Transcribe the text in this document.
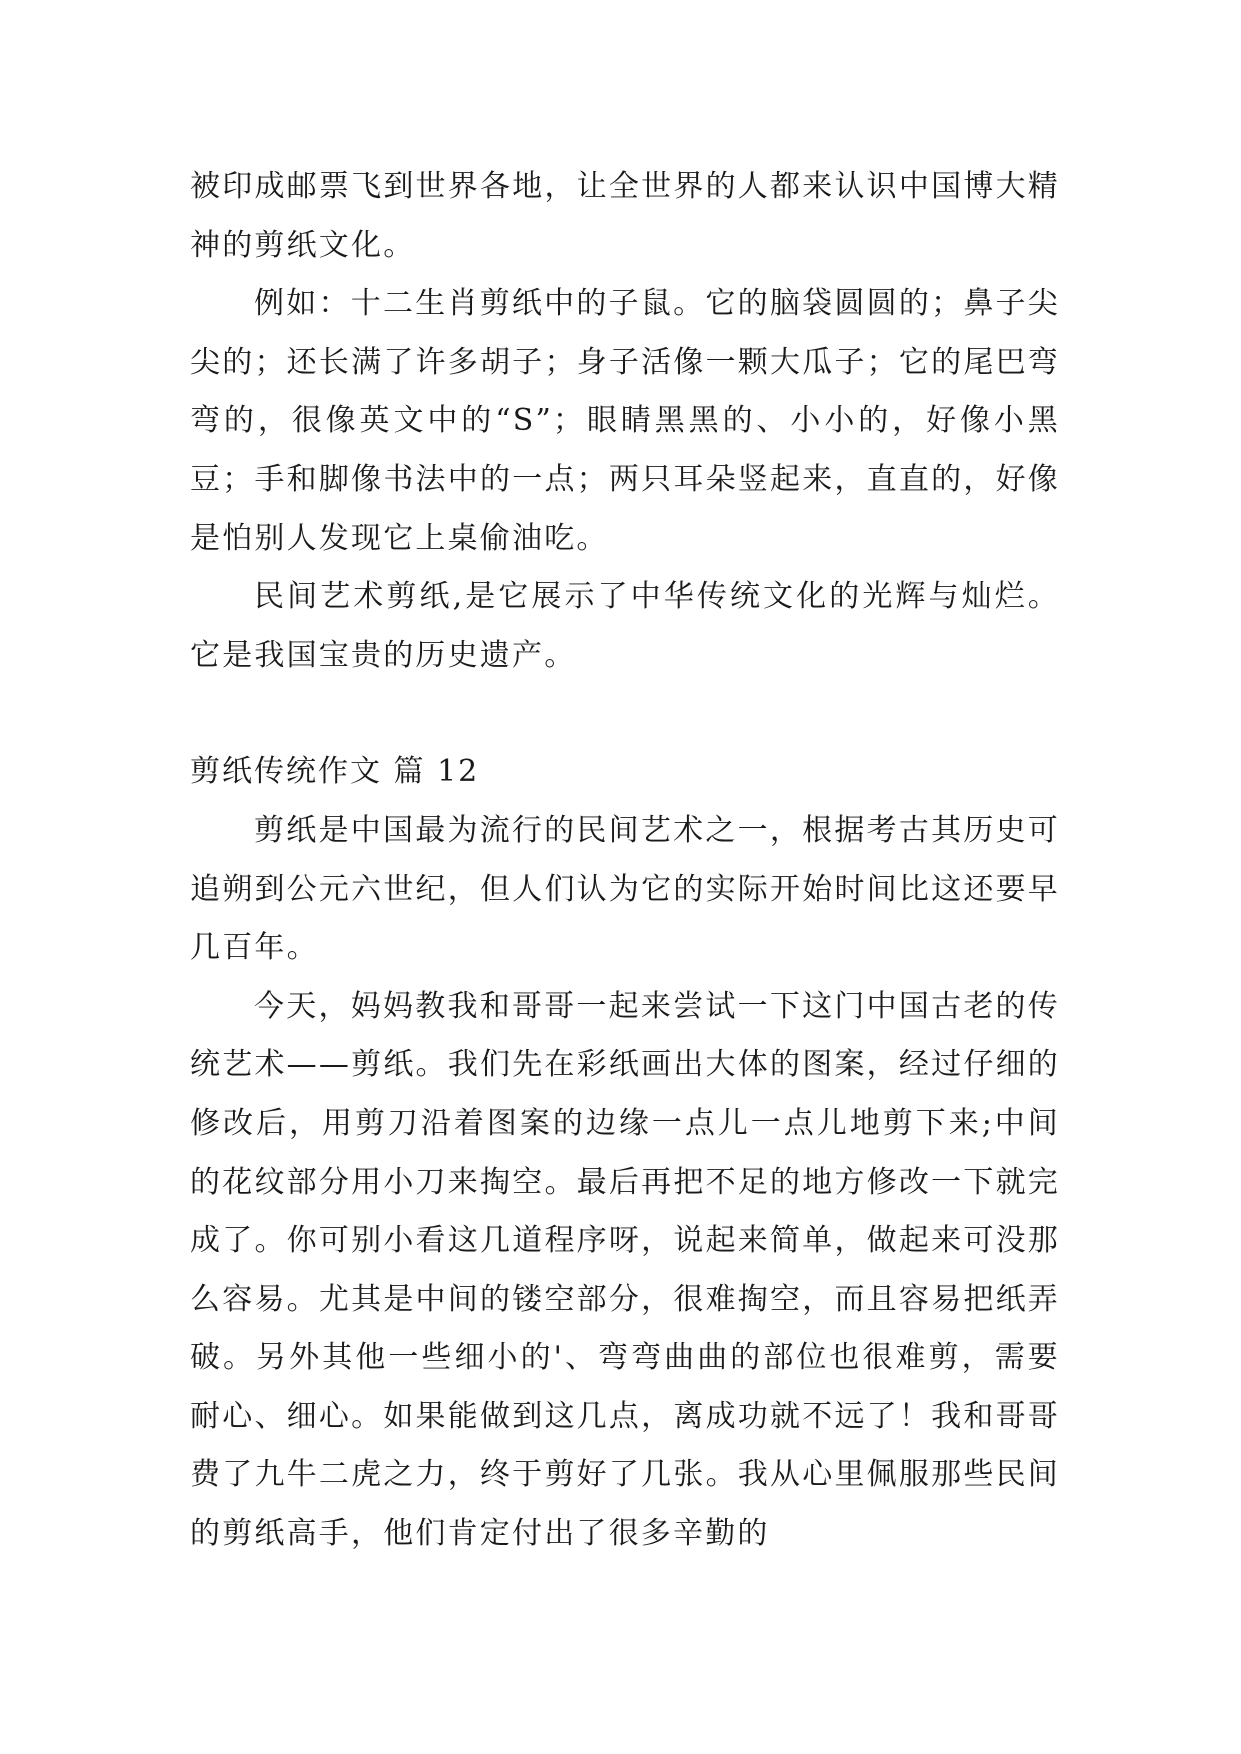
被印成邮票飞到世界各地，让全世界的人都来认识中国博大精神的剪纸文化。

例如：十二生肖剪纸中的子鼠。它的脑袋圆圆的；鼻子尖尖的；还长满了许多胡子；身子活像一颗大瓜子；它的尾巴弯弯的，很像英文中的“S”；眼睛黑黑的、小小的，好像小黑豆；手和脚像书法中的一点；两只耳朵竖起来，直直的，好像是怕别人发现它上桌偷油吃。

民间艺术剪纸,是它展示了中华传统文化的光辉与灿烂。它是我国宝贵的历史遗产。

剪纸传统作文 篇 12

剪纸是中国最为流行的民间艺术之一，根据考古其历史可追朔到公元六世纪，但人们认为它的实际开始时间比这还要早几百年。

今天，妈妈教我和哥哥一起来尝试一下这门中国古老的传统艺术——剪纸。我们先在彩纸画出大体的图案，经过仔细的修改后，用剪刀沿着图案的边缘一点儿一点儿地剪下来;中间的花纹部分用小刀来掏空。最后再把不足的地方修改一下就完成了。你可别小看这几道程序呀，说起来简单，做起来可没那么容易。尤其是中间的镂空部分，很难掏空，而且容易把纸弄破。另外其他一些细小的'、弯弯曲曲的部位也很难剪，需要耐心、细心。如果能做到这几点，离成功就不远了！我和哥哥费了九牛二虎之力，终于剪好了几张。我从心里佩服那些民间的剪纸高手，他们肯定付出了很多辛勤的
